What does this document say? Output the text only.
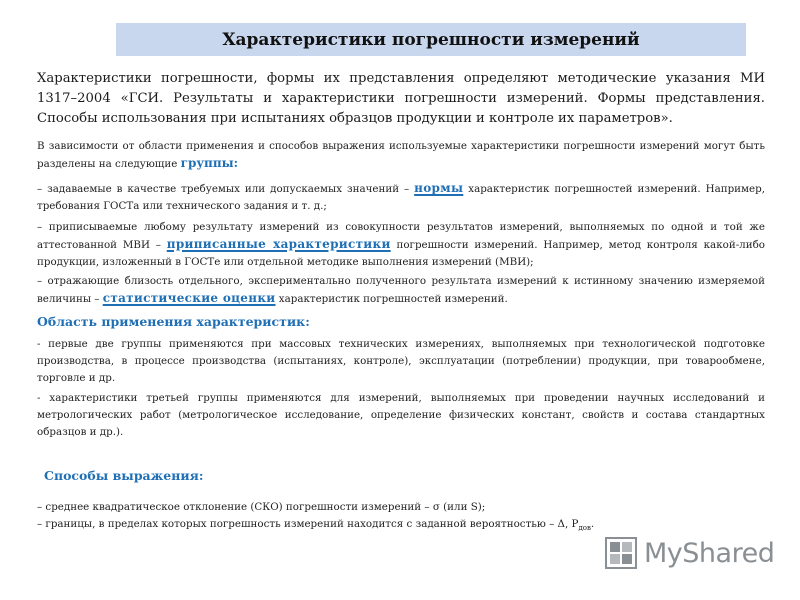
Характеристики погрешности измерений
Характеристики погрешности, формы их представления определяют методические указания МИ 1317–2004 «ГСИ. Результаты и характеристики погрешности измерений. Формы представления. Способы использования при испытаниях образцов продукции и контроле их параметров».
В зависимости от области применения и способов выражения используемые характеристики погрешности измерений могут быть разделены на следующие группы:
– задаваемые в качестве требуемых или допускаемых значений – нормы характеристик погрешностей измерений. Например, требования ГОСТа или технического задания и т. д.;
– приписываемые любому результату измерений из совокупности результатов измерений, выполняемых по одной и той же аттестованной МВИ – приписанные характеристики погрешности измерений. Например, метод контроля какой-либо продукции, изложенный в ГОСТе или отдельной методике выполнения измерений (МВИ);
– отражающие близость отдельного, экспериментально полученного результата измерений к истинному значению измеряемой величины – статистические оценки характеристик погрешностей измерений.
Область применения характеристик:
- первые две группы применяются при массовых технических измерениях, выполняемых при технологической подготовке производства, в процессе производства (испытаниях, контроле), эксплуатации (потреблении) продукции, при товарообмене, торговле и др.
- характеристики третьей группы применяются для измерений, выполняемых при проведении научных исследований и метрологических работ (метрологическое исследование, определение физических констант, свойств и состава стандартных образцов и др.).
Способы выражения:
– среднее квадратическое отклонение (СКО) погрешности измерений – σ (или S);
– границы, в пределах которых погрешность измерений находится с заданной вероятностью – Δ, $P_{дов}$.
MyShared
